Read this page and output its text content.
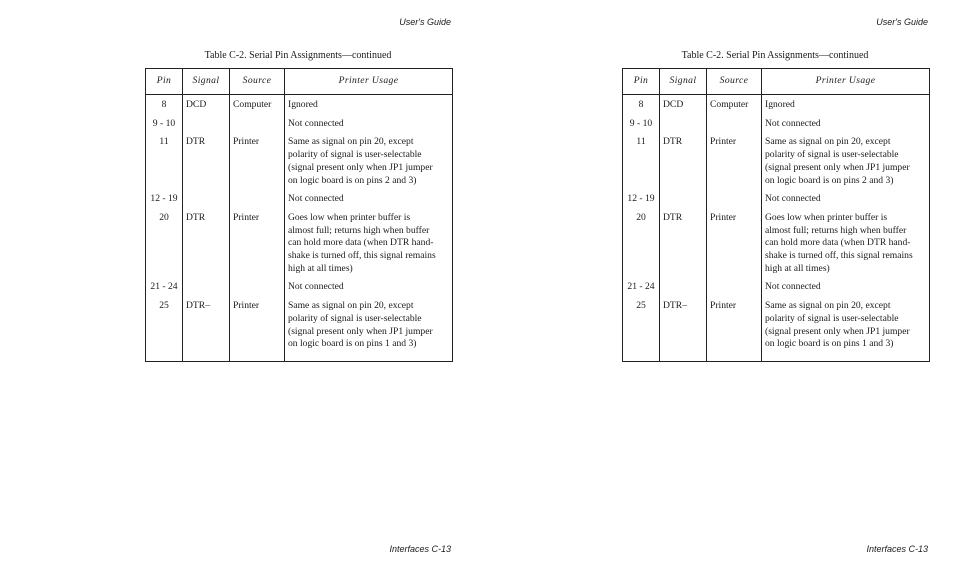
User's Guide
Table C-2. Serial Pin Assignments—continued
Pin	Signal	Source	Printer Usage
8	DCD	Computer	Ignored

9 - 10			Not connected

11	DTR	Printer	Same as signal on pin 20, except
polarity of signal is user-selectable
(signal present only when JP1 jumper
on logic board is on pins 2 and 3)

12 - 19			Not connected

20	DTR	Printer	Goes low when printer buffer is
almost full; returns high when buffer
can hold more data (when DTR hand-
shake is turned off, this signal remains
high at all times)

21 - 24			Not connected

25	DTR–	Printer	Same as signal on pin 20, except
polarity of signal is user-selectable
(signal present only when JP1 jumper
on logic board is on pins 1 and 3)
Interfaces C-13
User's Guide
Table C-2. Serial Pin Assignments—continued
Pin	Signal	Source	Printer Usage
8	DCD	Computer	Ignored

9 - 10			Not connected

11	DTR	Printer	Same as signal on pin 20, except
polarity of signal is user-selectable
(signal present only when JP1 jumper
on logic board is on pins 2 and 3)

12 - 19			Not connected

20	DTR	Printer	Goes low when printer buffer is
almost full; returns high when buffer
can hold more data (when DTR hand-
shake is turned off, this signal remains
high at all times)

21 - 24			Not connected

25	DTR–	Printer	Same as signal on pin 20, except
polarity of signal is user-selectable
(signal present only when JP1 jumper
on logic board is on pins 1 and 3)
Interfaces C-13
